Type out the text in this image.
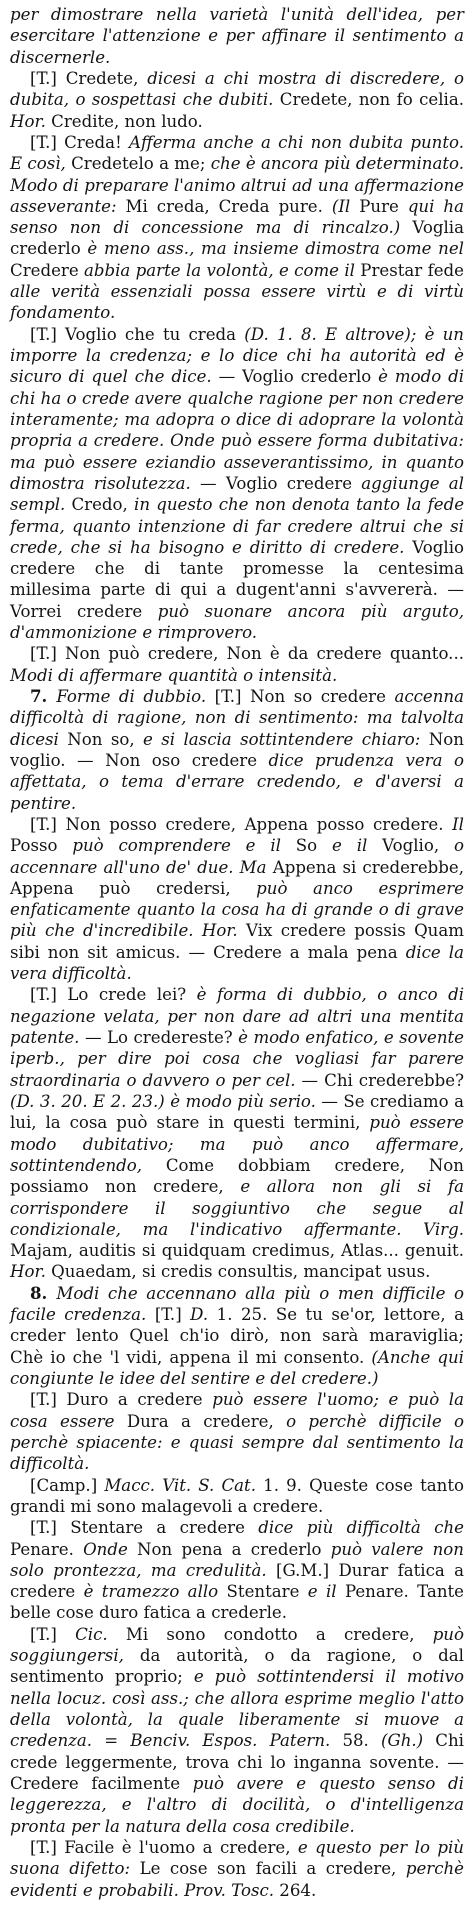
per dimostrare nella varietà l'unità dell'idea, per esercitare l'attenzione e per affinare il sentimento a discernerle.

[T.] Credete, dicesi a chi mostra di discredere, o dubita, o sospettasi che dubiti. Credete, non fo celia. Hor. Credite, non ludo.

[T.] Creda! Afferma anche a chi non dubita punto. E così, Credetelo a me; che è ancora più determinato. Modo di preparare l'animo altrui ad una affermazione asseverante: Mi creda, Creda pure. (Il Pure qui ha senso non di concessione ma di rincalzo.) Voglia crederlo è meno ass., ma insieme dimostra come nel Credere abbia parte la volontà, e come il Prestar fede alle verità essenziali possa essere virtù e di virtù fondamento.

[T.] Voglio che tu creda (D. 1. 8. E altrove); è un imporre la credenza; e lo dice chi ha autorità ed è sicuro di quel che dice. — Voglio crederlo è modo di chi ha o crede avere qualche ragione per non credere interamente; ma adopra o dice di adoprare la volontà propria a credere. Onde può essere forma dubitativa: ma può essere eziandio asseverantissimo, in quanto dimostra risolutezza. — Voglio credere aggiunge al sempl. Credo, in questo che non denota tanto la fede ferma, quanto intenzione di far credere altrui che si crede, che si ha bisogno e diritto di credere. Voglio credere che di tante promesse la centesima millesima parte di qui a dugent'anni s'avvererà. — Vorrei credere può suonare ancora più arguto, d'ammonizione e rimprovero.

[T.] Non può credere, Non è da credere quanto... Modi di affermare quantità o intensità.

7. Forme di dubbio. [T.] Non so credere accenna difficoltà di ragione, non di sentimento: ma talvolta dicesi Non so, e si lascia sottintendere chiaro: Non voglio. — Non oso credere dice prudenza vera o affettata, o tema d'errare credendo, e d'aversi a pentire.

[T.] Non posso credere, Appena posso credere. Il Posso può comprendere e il So e il Voglio, o accennare all'uno de' due. Ma Appena si crederebbe, Appena può credersi, può anco esprimere enfaticamente quanto la cosa ha di grande o di grave più che d'incredibile. Hor. Vix credere possis Quam sibi non sit amicus. — Credere a mala pena dice la vera difficoltà.

[T.] Lo crede lei? è forma di dubbio, o anco di negazione velata, per non dare ad altri una mentita patente. — Lo credereste? è modo enfatico, e sovente iperb., per dire poi cosa che vogliasi far parere straordinaria o davvero o per cel. — Chi crederebbe? (D. 3. 20. E 2. 23.) è modo più serio. — Se crediamo a lui, la cosa può stare in questi termini, può essere modo dubitativo; ma può anco affermare, sottintendendo, Come dobbiam credere, Non possiamo non credere, e allora non gli si fa corrispondere il soggiuntivo che segue al condizionale, ma l'indicativo affermante. Virg. Majam, auditis si quidquam credimus, Atlas... genuit. Hor. Quaedam, si credis consultis, mancipat usus.

8. Modi che accennano alla più o men difficile o facile credenza. [T.] D. 1. 25. Se tu se'or, lettore, a creder lento Quel ch'io dirò, non sarà maraviglia; Chè io che 'l vidi, appena il mi consento. (Anche qui congiunte le idee del sentire e del credere.)

[T.] Duro a credere può essere l'uomo; e può la cosa essere Dura a credere, o perchè difficile o perchè spiacente: e quasi sempre dal sentimento la difficoltà.

[Camp.] Macc. Vit. S. Cat. 1. 9. Queste cose tanto grandi mi sono malagevoli a credere.

[T.] Stentare a credere dice più difficoltà che Penare. Onde Non pena a crederlo può valere non solo prontezza, ma credulità. [G.M.] Durar fatica a credere è tramezzo allo Stentare e il Penare. Tante belle cose duro fatica a crederle.

[T.] Cic. Mi sono condotto a credere, può soggiungersi, da autorità, o da ragione, o dal sentimento proprio; e può sottintendersi il motivo nella locuz. così ass.; che allora esprime meglio l'atto della volontà, la quale liberamente si muove a credenza. = Benciv. Espos. Patern. 58. (Gh.) Chi crede leggermente, trova chi lo inganna sovente. — Credere facilmente può avere e questo senso di leggerezza, e l'altro di docilità, o d'intelligenza pronta per la natura della cosa credibile.

[T.] Facile è l'uomo a credere, e questo per lo più suona difetto: Le cose son facili a credere, perchè evidenti e probabili. Prov. Tosc. 264.
